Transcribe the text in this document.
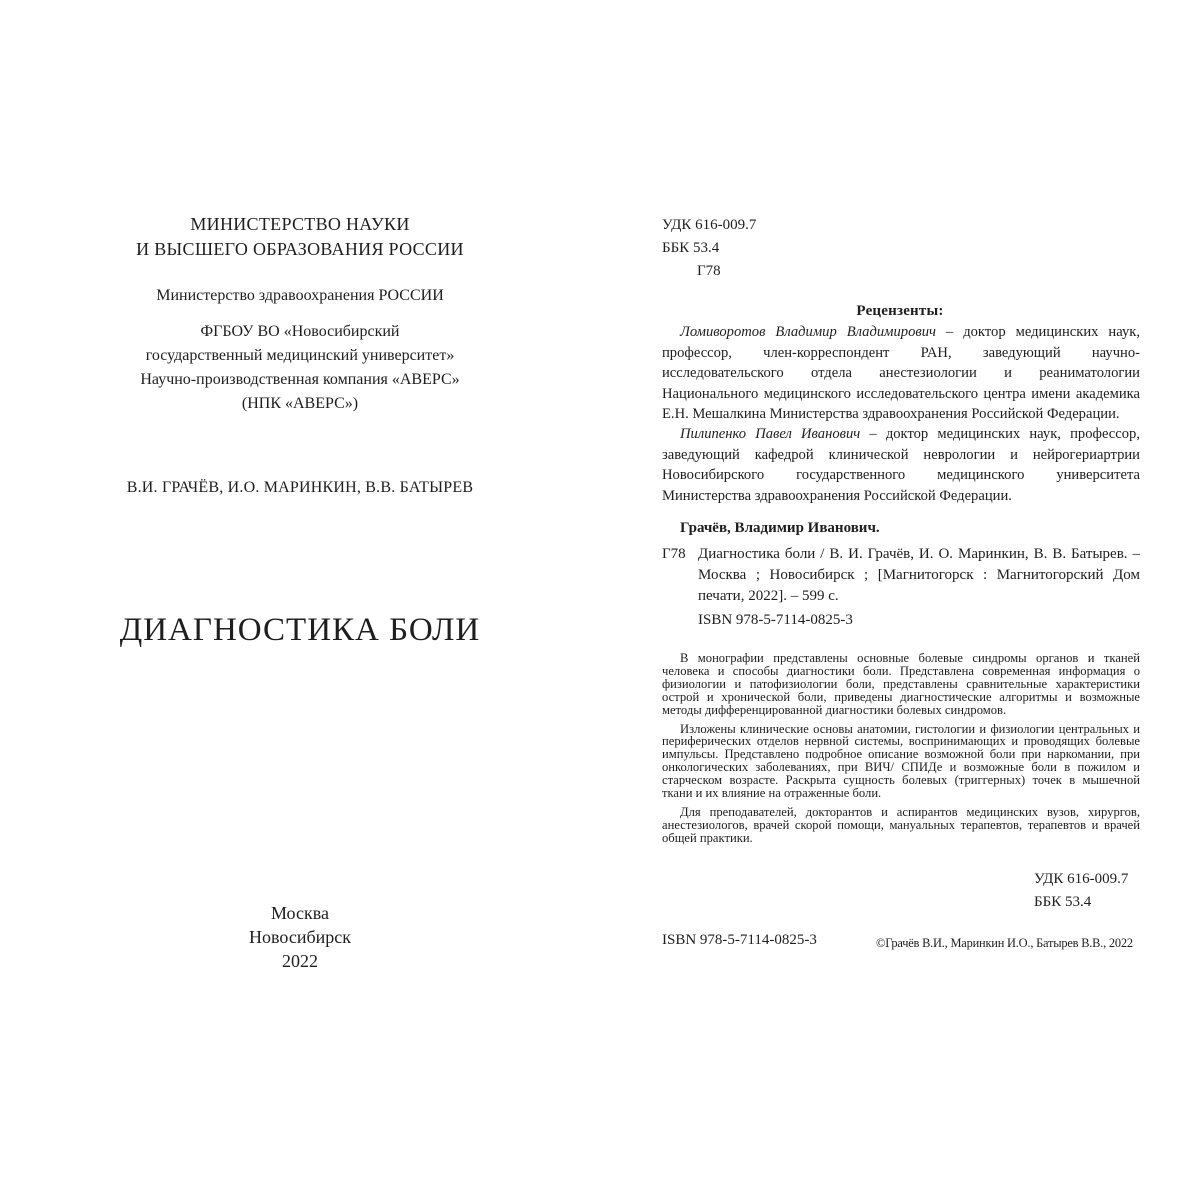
МИНИСТЕРСТВО НАУКИ
И ВЫСШЕГО ОБРАЗОВАНИЯ РОССИИ
Министерство здравоохранения РОССИИ
ФГБОУ ВО «Новосибирский
государственный медицинский университет»
Научно-производственная компания «АВЕРС»
(НПК «АВЕРС»)
В.И. ГРАЧЁВ, И.О. МАРИНКИН, В.В. БАТЫРЕВ
ДИАГНОСТИКА БОЛИ
Москва
Новосибирск
2022
УДК 616-009.7
ББК 53.4
Г78
Рецензенты:
Ломиворотов Владимир Владимирович – доктор медицинских наук, профессор, член-корреспондент РАН, заведующий научно-исследовательского отдела анестезиологии и реаниматологии Национального медицинского исследовательского центра имени академика Е.Н. Мешалкина Министерства здравоохранения Российской Федерации.
Пилипенко Павел Иванович – доктор медицинских наук, профессор, заведующий кафедрой клинической неврологии и нейрогериартрии Новосибирского государственного медицинского университета Министерства здравоохранения Российской Федерации.
Грачёв, Владимир Иванович.
Г78 Диагностика боли / В. И. Грачёв, И. О. Маринкин, В. В. Батырев. – Москва ; Новосибирск ; [Магнитогорск : Магнитогорский Дом печати, 2022]. – 599 с.
ISBN 978-5-7114-0825-3

В монографии представлены основные болевые синдромы органов и тканей человека и способы диагностики боли. Представлена современная информация о физиологии и патофизиологии боли, представлены сравнительные характеристики острой и хронической боли, приведены диагностические алгоритмы и возможные методы дифференцированной диагностики болевых синдромов.

Изложены клинические основы анатомии, гистологии и физиологии центральных и периферических отделов нервной системы, воспринимающих и проводящих болевые импульсы. Представлено подробное описание возможной боли при наркомании, при онкологических заболеваниях, при ВИЧ/ СПИДе и возможные боли в пожилом и старческом возрасте. Раскрыта сущность болевых (триггерных) точек в мышечной ткани и их влияние на отраженные боли.

Для преподавателей, докторантов и аспирантов медицинских вузов, хирургов, анестезиологов, врачей скорой помощи, мануальных терапевтов, терапевтов и врачей общей практики.

УДК 616-009.7
ББК 53.4
ISBN 978-5-7114-0825-3	©Грачёв В.И., Маринкин И.О., Батырев В.В., 2022
